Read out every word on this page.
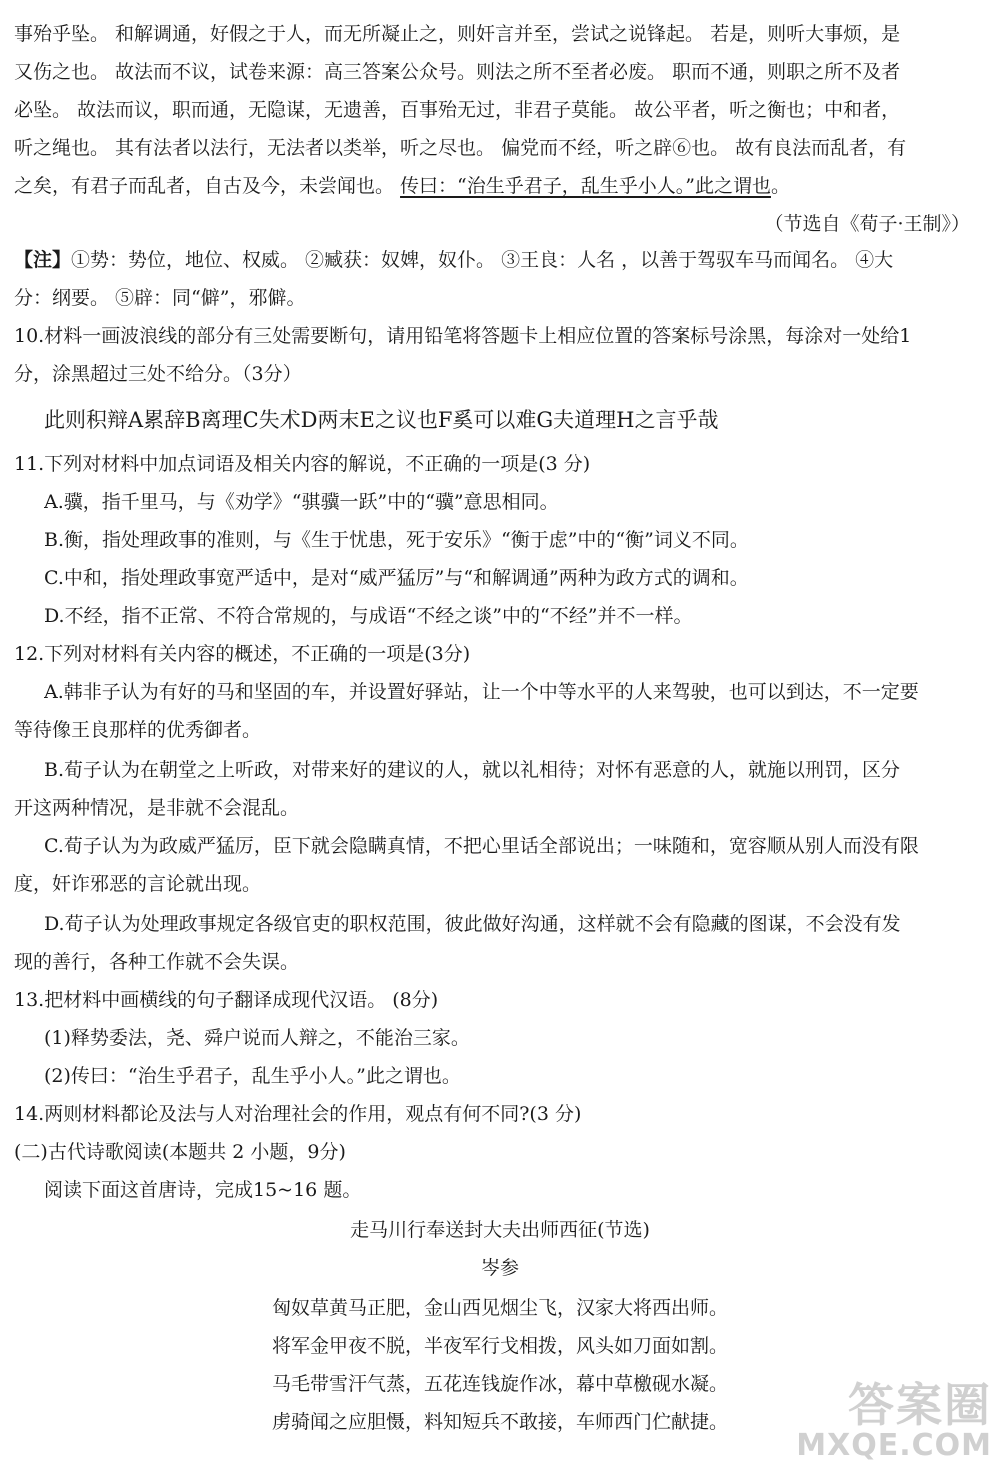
事殆乎坠。 和解调通，好假之于人，而无所凝止之，则奸言并至，尝试之说锋起。 若是，则听大事烦，是
又伤之也。 故法而不议，试卷来源：高三答案公众号。则法之所不至者必废。 职而不通，则职之所不及者
必坠。 故法而议，职而通，无隐谋，无遗善，百事殆无过，非君子莫能。 故公平者，听之衡也；中和者，
听之绳也。 其有法者以法行，无法者以类举，听之尽也。 偏党而不经，听之辟⑥也。 故有良法而乱者，有
之矣，有君子而乱者，自古及今，未尝闻也。 传曰：“治生乎君子，乱生乎小人。”此之谓也。
（节选自《荀子·王制》）
【注】①势：势位，地位、权威。 ②臧获：奴婢，奴仆。 ③王良：人名 ，以善于驾驭车马而闻名。 ④大
分：纲要。 ⑤辟：同“僻”，邪僻。
10.材料一画波浪线的部分有三处需要断句，请用铅笔将答题卡上相应位置的答案标号涂黑，每涂对一处给1
分，涂黑超过三处不给分。（3分）
此则积辩A累辞B离理C失术D两末E之议也F奚可以难G夫道理H之言乎哉
11.下列对材料中加点词语及相关内容的解说，不正确的一项是(3 分)
A.骥，指千里马，与《劝学》“骐骥一跃”中的“骥”意思相同。
B.衡，指处理政事的准则，与《生于忧患，死于安乐》“衡于虑”中的“衡”词义不同。
C.中和，指处理政事宽严适中，是对“威严猛厉”与“和解调通”两种为政方式的调和。
D.不经，指不正常、不符合常规的，与成语“不经之谈”中的“不经”并不一样。
12.下列对材料有关内容的概述，不正确的一项是(3分)
A.韩非子认为有好的马和坚固的车，并设置好驿站，让一个中等水平的人来驾驶，也可以到达，不一定要
等待像王良那样的优秀御者。
B.荀子认为在朝堂之上听政，对带来好的建议的人，就以礼相待；对怀有恶意的人，就施以刑罚，区分
开这两种情况，是非就不会混乱。
C.荀子认为为政威严猛厉，臣下就会隐瞒真情，不把心里话全部说出；一味随和，宽容顺从别人而没有限
度，奸诈邪恶的言论就出现。
D.荀子认为处理政事规定各级官吏的职权范围，彼此做好沟通，这样就不会有隐藏的图谋，不会没有发
现的善行，各种工作就不会失误。
13.把材料中画横线的句子翻译成现代汉语。 (8分)
(1)释势委法，尧、舜户说而人辩之，不能治三家。
(2)传曰：“治生乎君子，乱生乎小人。”此之谓也。
14.两则材料都论及法与人对治理社会的作用，观点有何不同?(3 分)
(二)古代诗歌阅读(本题共 2 小题，9分)
阅读下面这首唐诗，完成15~16 题。
走马川行奉送封大夫出师西征(节选)
岑参
匈奴草黄马正肥，金山西见烟尘飞，汉家大将西出师。
将军金甲夜不脱，半夜军行戈相拨，风头如刀面如割。
马毛带雪汗气蒸，五花连钱旋作冰，幕中草檄砚水凝。
虏骑闻之应胆慑，料知短兵不敢接，车师西门伫献捷。	答案圈
MXQE.COM
